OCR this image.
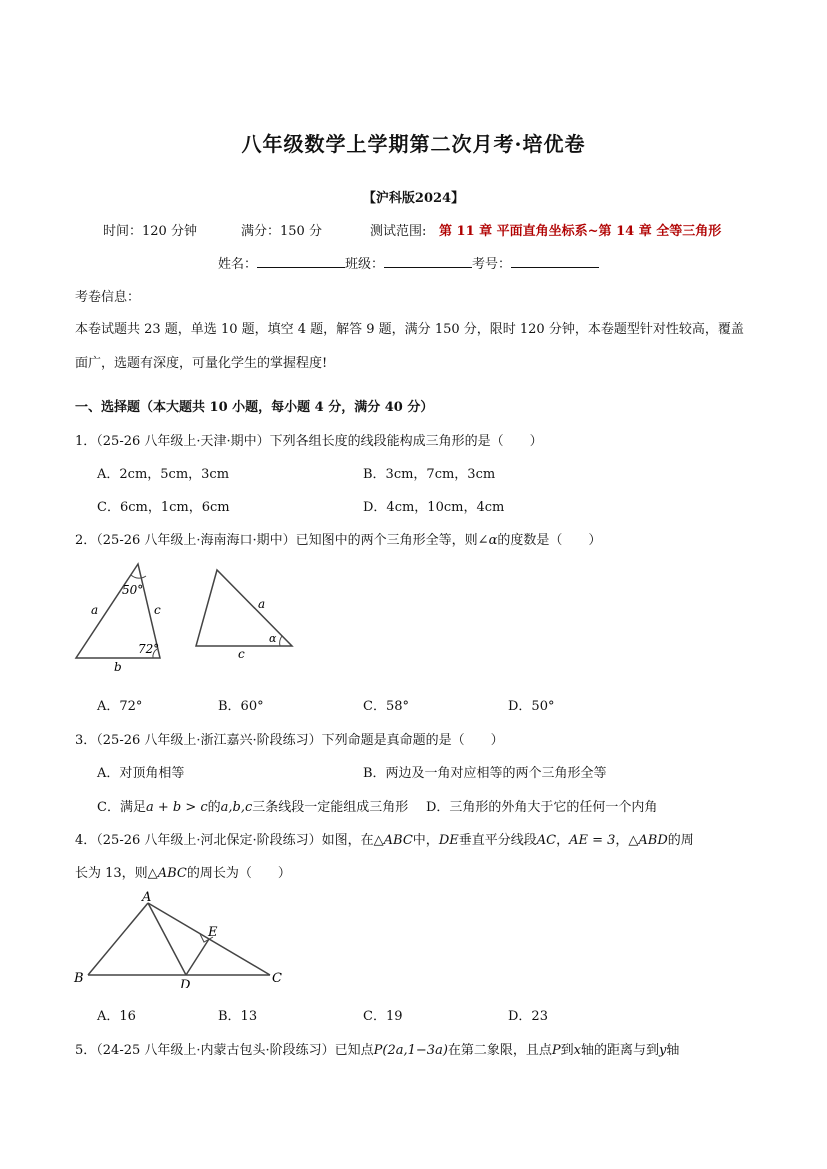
八年级数学上学期第二次月考·培优卷
【沪科版2024】
时间：120 分钟	满分：150 分	测试范围: 第 11 章 平面直角坐标系~第 14 章 全等三角形
姓名：	班级：	考号：
考卷信息：
本卷试题共 23 题，单选 10 题，填空 4 题，解答 9 题，满分 150 分，限时 120 分钟，本卷题型针对性较高，覆盖
面广，选题有深度，可量化学生的掌握程度!
一、选择题（本大题共 10 小题，每小题 4 分，满分 40 分）
1．（25-26 八年级上·天津·期中）下列各组长度的线段能构成三角形的是（　　）
A．2cm，5cm，3cm	B．3cm，7cm，3cm
C．6cm，1cm，6cm	D．4cm，10cm，4cm
2．（25-26 八年级上·海南海口·期中）已知图中的两个三角形全等，则∠α的度数是（　　）
50°
72°
a	c
b
a
c
α
A．72°	B．60°	C．58°	D．50°
3．（25-26 八年级上·浙江嘉兴·阶段练习）下列命题是真命题的是（　　）
A．对顶角相等	B．两边及一角对应相等的两个三角形全等
C．满足a + b > c的a,b,c三条线段一定能组成三角形 D．三角形的外角大于它的任何一个内角
4．（25-26 八年级上·河北保定·阶段练习）如图，在△ABC中，DE垂直平分线段AC，AE = 3，△ABD的周
长为 13，则△ABC的周长为（　　）
A
B	C
D
E
A．16	B．13	C．19	D．23
5．（24-25 八年级上·内蒙古包头·阶段练习）已知点P(2a,1−3a)在第二象限，且点P到x轴的距离与到y轴
